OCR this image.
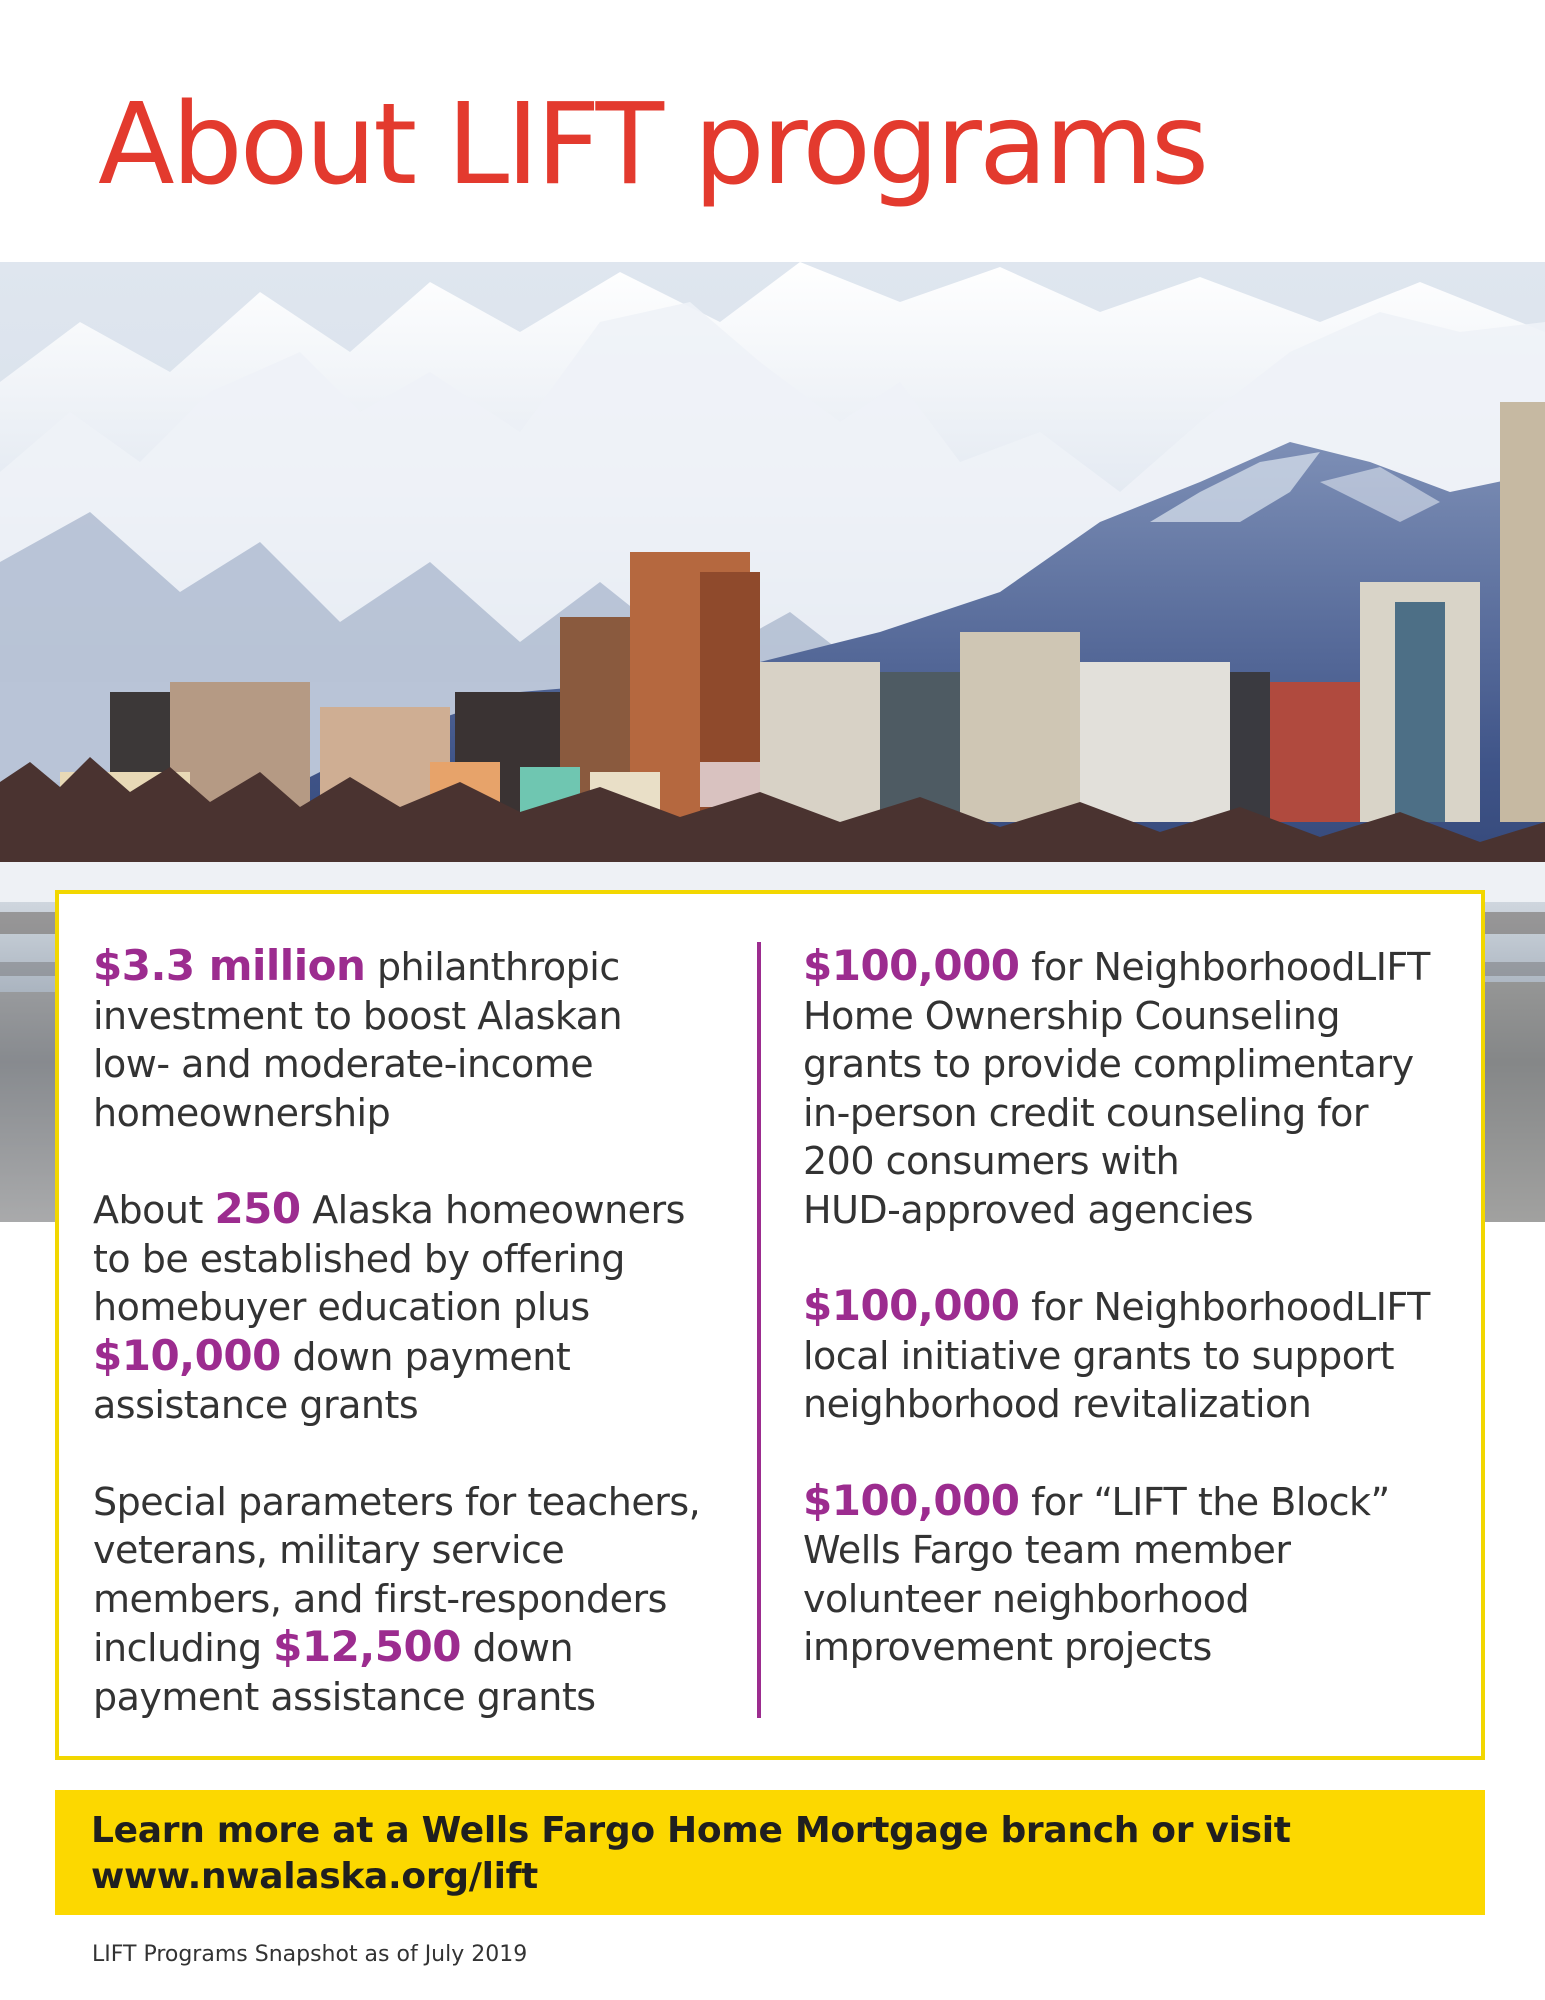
About LIFT programs

$3.3 million philanthropic
investment to boost Alaskan
low- and moderate-income
homeownership

About 250 Alaska homeowners
to be established by offering
homebuyer education plus
$10,000 down payment
assistance grants

Special parameters for teachers,
veterans, military service
members, and first-responders
including $12,500 down
payment assistance grants

$100,000 for NeighborhoodLIFT
Home Ownership Counseling
grants to provide complimentary
in-person credit counseling for
200 consumers with
HUD-approved agencies

$100,000 for NeighborhoodLIFT
local initiative grants to support
neighborhood revitalization

$100,000 for “LIFT the Block”
Wells Fargo team member
volunteer neighborhood
improvement projects

Learn more at a Wells Fargo Home Mortgage branch or visit
www.nwalaska.org/lift
LIFT Programs Snapshot as of July 2019
